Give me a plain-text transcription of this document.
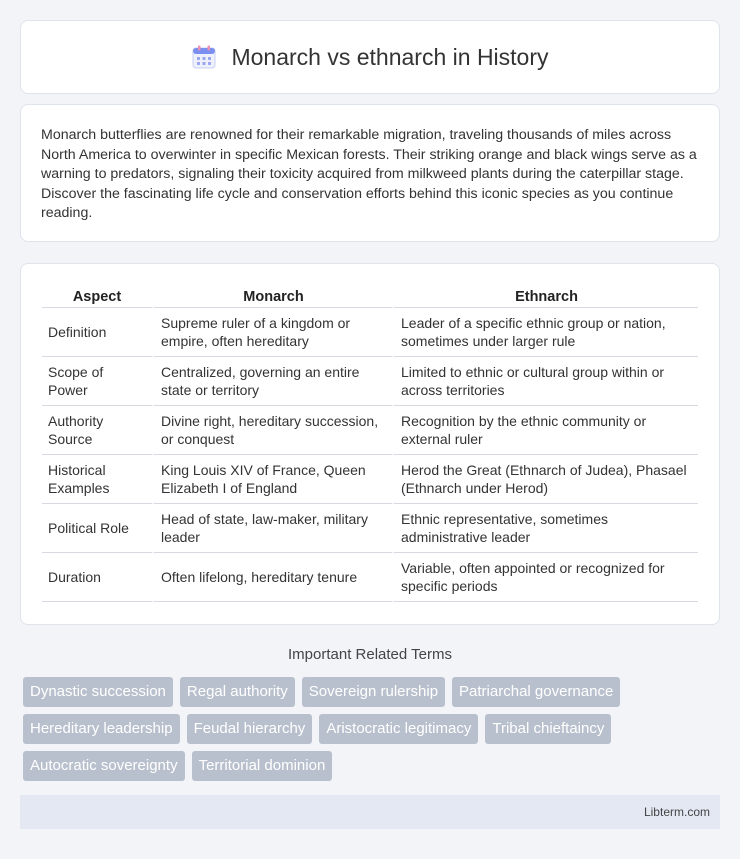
Monarch vs ethnarch in History

Monarch butterflies are renowned for their remarkable migration, traveling thousands of miles across North America to overwinter in specific Mexican forests. Their striking orange and black wings serve as a warning to predators, signaling their toxicity acquired from milkweed plants during the caterpillar stage. Discover the fascinating life cycle and conservation efforts behind this iconic species as you continue reading.

Aspect	Monarch	Ethnarch
Definition	Supreme ruler of a kingdom or empire, often hereditary	Leader of a specific ethnic group or nation, sometimes under larger rule
Scope of Power	Centralized, governing an entire state or territory	Limited to ethnic or cultural group within or across territories
Authority Source	Divine right, hereditary succession, or conquest	Recognition by the ethnic community or external ruler
Historical Examples	King Louis XIV of France, Queen Elizabeth I of England	Herod the Great (Ethnarch of Judea), Phasael (Ethnarch under Herod)
Political Role	Head of state, law-maker, military leader	Ethnic representative, sometimes administrative leader
Duration	Often lifelong, hereditary tenure	Variable, often appointed or recognized for specific periods
Important Related Terms
Dynastic succession	Regal authority	Sovereign rulership	Patriarchal governance
Hereditary leadership	Feudal hierarchy	Aristocratic legitimacy	Tribal chieftaincy
Autocratic sovereignty	Territorial dominion
Libterm.com
